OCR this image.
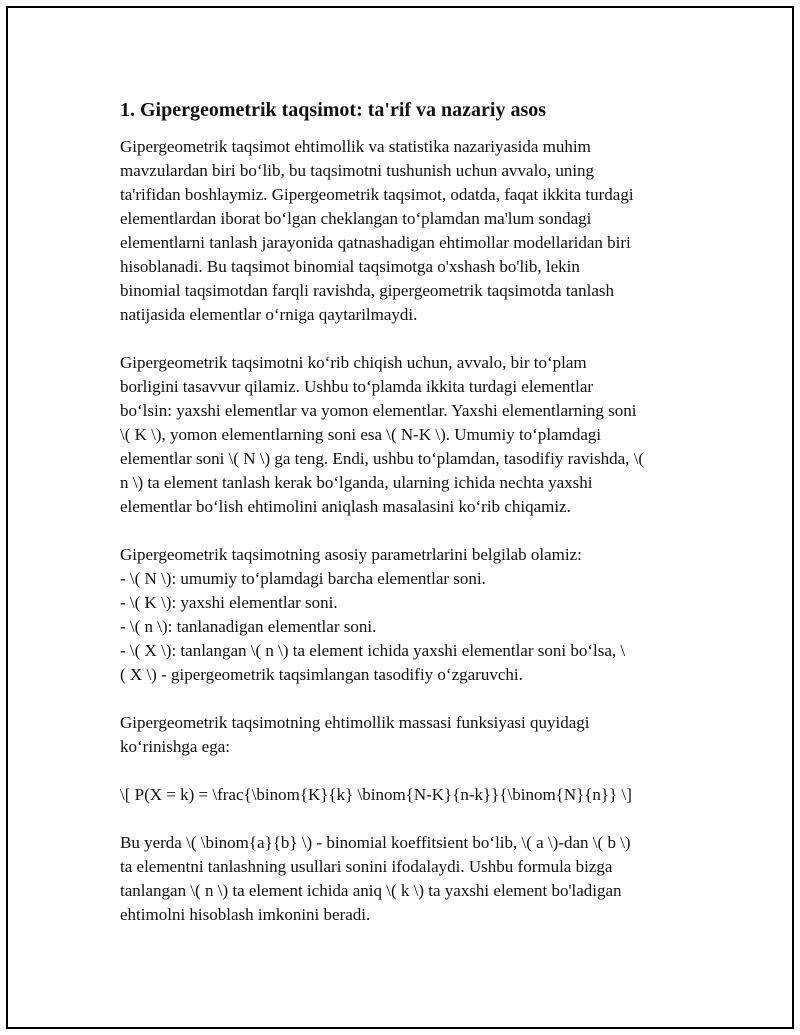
1. Gipergeometrik taqsimot: ta'rif va nazariy asos

Gipergeometrik taqsimot ehtimollik va statistika nazariyasida muhim
mavzulardan biri bo‘lib, bu taqsimotni tushunish uchun avvalo, uning
ta'rifidan boshlaymiz. Gipergeometrik taqsimot, odatda, faqat ikkita turdagi
elementlardan iborat bo‘lgan cheklangan to‘plamdan ma'lum sondagi
elementlarni tanlash jarayonida qatnashadigan ehtimollar modellaridan biri
hisoblanadi. Bu taqsimot binomial taqsimotga o'xshash bo'lib, lekin
binomial taqsimotdan farqli ravishda, gipergeometrik taqsimotda tanlash
natijasida elementlar o‘rniga qaytarilmaydi.

Gipergeometrik taqsimotni ko‘rib chiqish uchun, avvalo, bir to‘plam
borligini tasavvur qilamiz. Ushbu to‘plamda ikkita turdagi elementlar
bo‘lsin: yaxshi elementlar va yomon elementlar. Yaxshi elementlarning soni
\( K \), yomon elementlarning soni esa \( N-K \). Umumiy to‘plamdagi
elementlar soni \( N \) ga teng. Endi, ushbu to‘plamdan, tasodifiy ravishda, \(
n \) ta element tanlash kerak bo‘lganda, ularning ichida nechta yaxshi
elementlar bo‘lish ehtimolini aniqlash masalasini ko‘rib chiqamiz.

Gipergeometrik taqsimotning asosiy parametrlarini belgilab olamiz:
- \( N \): umumiy to‘plamdagi barcha elementlar soni.
- \( K \): yaxshi elementlar soni.
- \( n \): tanlanadigan elementlar soni.
- \( X \): tanlangan \( n \) ta element ichida yaxshi elementlar soni bo‘lsa, \
( X \) - gipergeometrik taqsimlangan tasodifiy o‘zgaruvchi.

Gipergeometrik taqsimotning ehtimollik massasi funksiyasi quyidagi
ko‘rinishga ega:

\[ P(X = k) = \frac{\binom{K}{k} \binom{N-K}{n-k}}{\binom{N}{n}} \]

Bu yerda \( \binom{a}{b} \) - binomial koeffitsient bo‘lib, \( a \)-dan \( b \)
ta elementni tanlashning usullari sonini ifodalaydi. Ushbu formula bizga
tanlangan \( n \) ta element ichida aniq \( k \) ta yaxshi element bo'ladigan
ehtimolni hisoblash imkonini beradi.
